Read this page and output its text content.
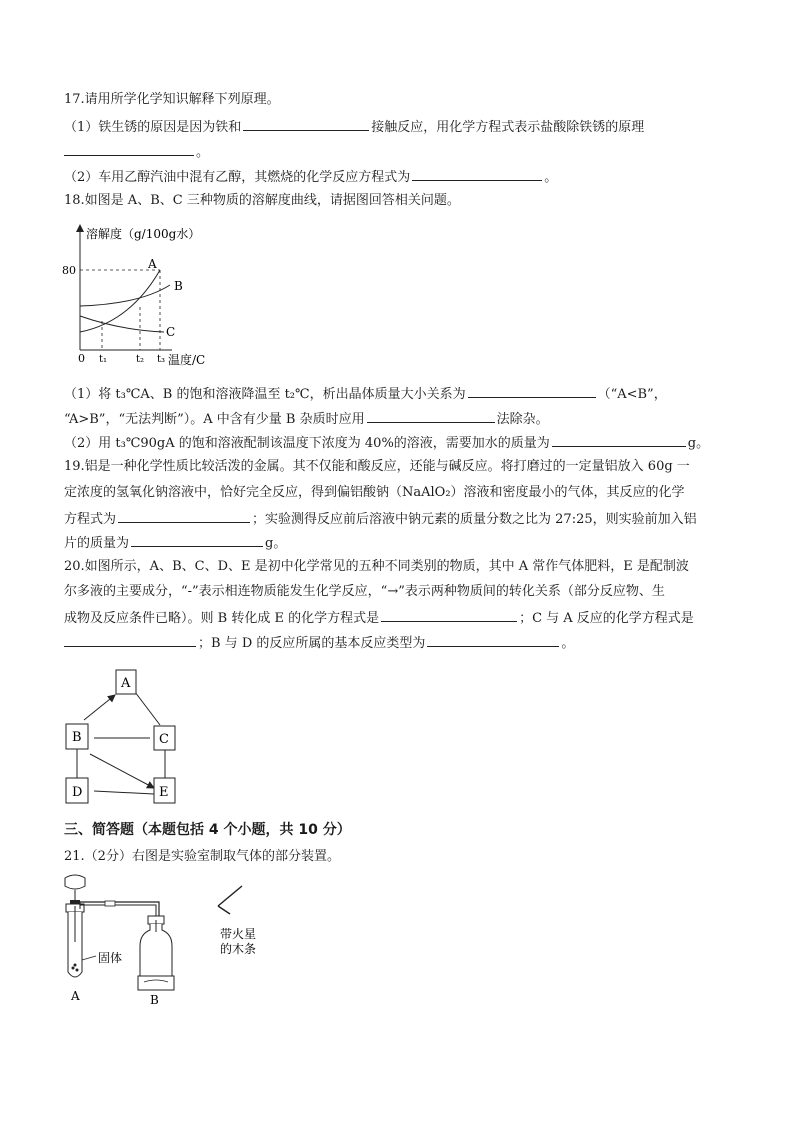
17.请用所学化学知识解释下列原理。
（1）铁生锈的原因是因为铁和	接触反应，用化学方程式表示盐酸除铁锈的原理
。
（2）车用乙醇汽油中混有乙醇，其燃烧的化学反应方程式为	。
18.如图是 A、B、C 三种物质的溶解度曲线，请据图回答相关问题。
溶解度（g/100g水）
80
0 t₁	t₂ t₃ 温度/C
A
B
C
（1）将 t₃℃A、B 的饱和溶液降温至 t₂℃，析出晶体质量大小关系为	（“A<B”，
“A>B”，“无法判断”）。A 中含有少量 B 杂质时应用	法除杂。
（2）用 t₃℃90gA 的饱和溶液配制该温度下浓度为 40%的溶液，需要加水的质量为	g。
19.铝是一种化学性质比较活泼的金属。其不仅能和酸反应，还能与碱反应。将打磨过的一定量铝放入 60g 一
定浓度的氢氧化钠溶液中，恰好完全反应，得到偏铝酸钠（NaAlO₂）溶液和密度最小的气体，其反应的化学
方程式为	；实验测得反应前后溶液中钠元素的质量分数之比为 27:25，则实验前加入铝
片的质量为	g。
20.如图所示，A、B、C、D、E 是初中化学常见的五种不同类别的物质，其中 A 常作气体肥料，E 是配制波
尔多液的主要成分，“-”表示相连物质能发生化学反应，“→”表示两种物质间的转化关系（部分反应物、生
成物及反应条件已略）。则 B 转化成 E 的化学方程式是	；C 与 A 反应的化学方程式是
；B 与 D 的反应所属的基本反应类型为	。
A
B	C
D	E
三、简答题（本题包括 4 个小题，共 10 分）
21.（2分）右图是实验室制取气体的部分装置。
固体
A	B
带火星
的木条
